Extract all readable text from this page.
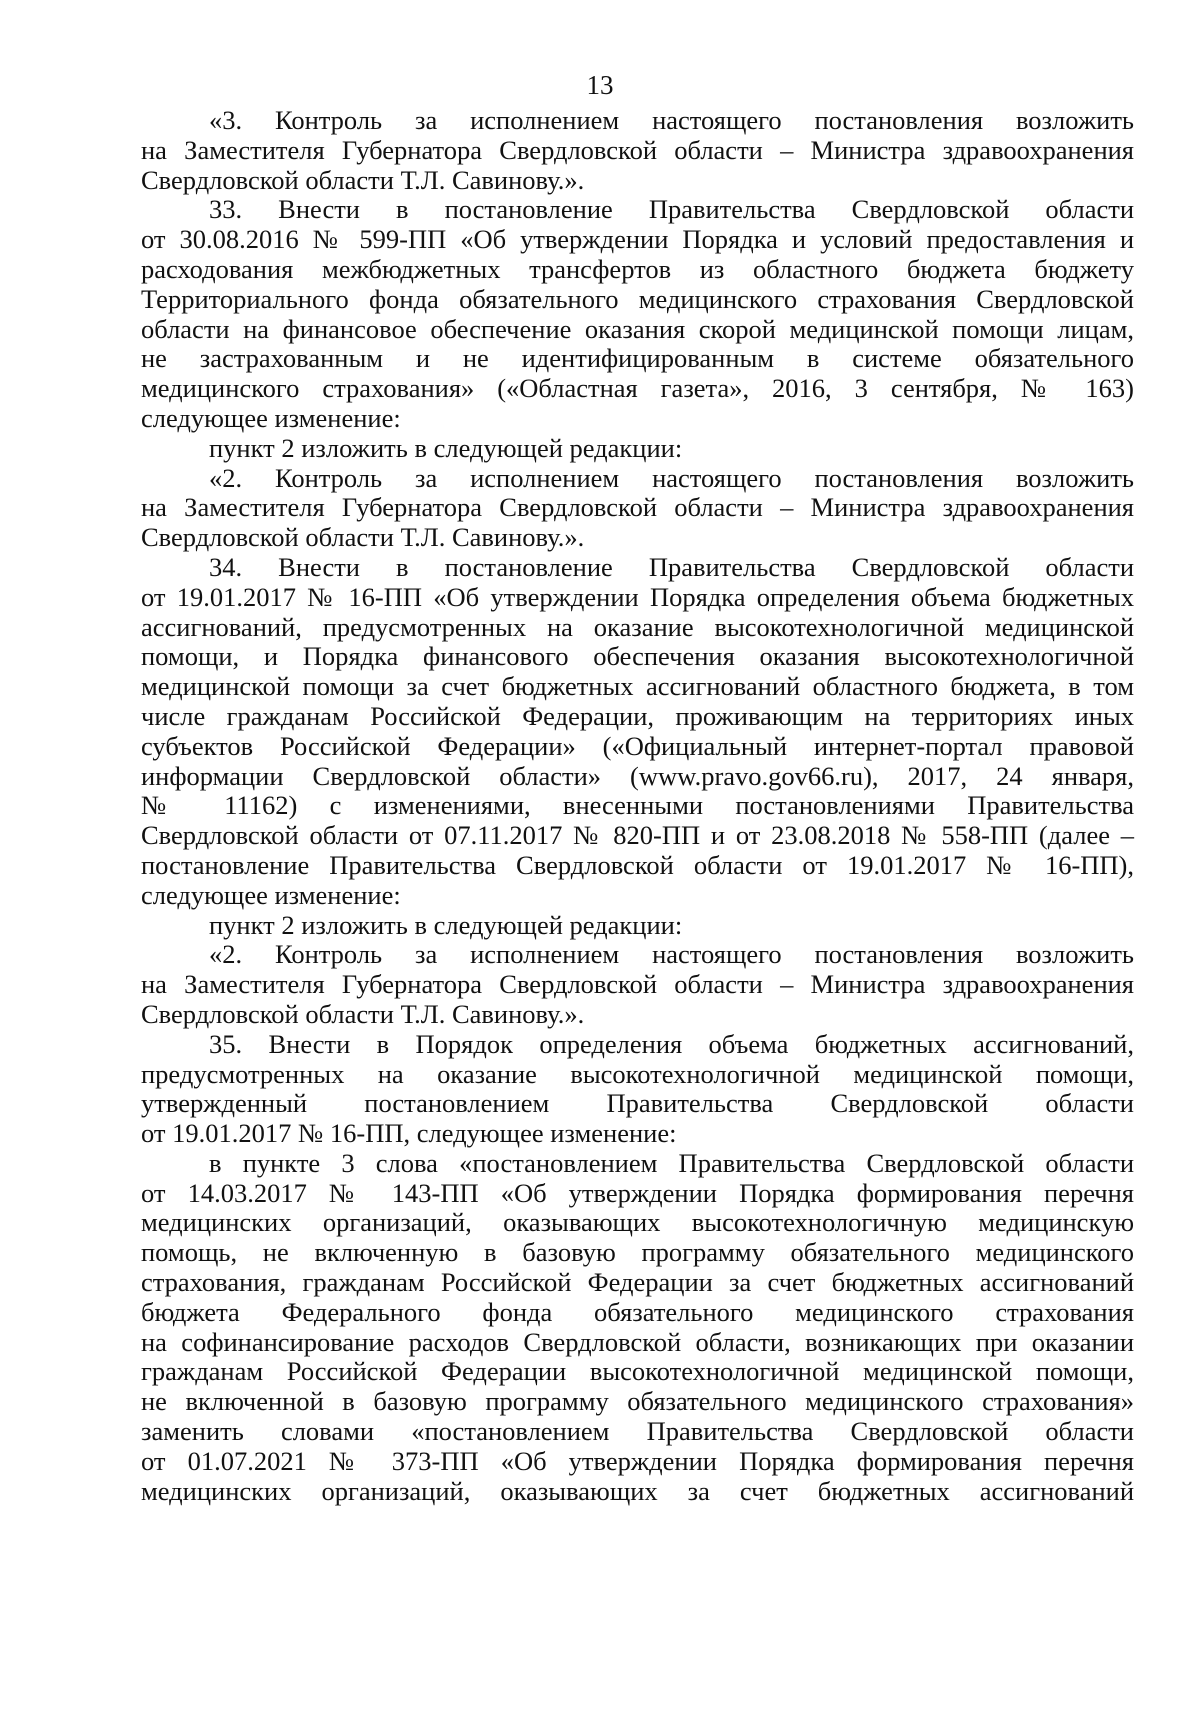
13
«3. Контроль за исполнением настоящего постановления возложить
на Заместителя Губернатора Свердловской области – Министра здравоохранения
Свердловской области Т.Л. Савинову.».
33. Внести в постановление Правительства Свердловской области
от 30.08.2016 № 599-ПП «Об утверждении Порядка и условий предоставления и
расходования межбюджетных трансфертов из областного бюджета бюджету
Территориального фонда обязательного медицинского страхования Свердловской
области на финансовое обеспечение оказания скорой медицинской помощи лицам,
не застрахованным и не идентифицированным в системе обязательного
медицинского страхования» («Областная газета», 2016, 3 сентября, № 163)
следующее изменение:
пункт 2 изложить в следующей редакции:
«2. Контроль за исполнением настоящего постановления возложить
на Заместителя Губернатора Свердловской области – Министра здравоохранения
Свердловской области Т.Л. Савинову.».
34. Внести в постановление Правительства Свердловской области
от 19.01.2017 № 16-ПП «Об утверждении Порядка определения объема бюджетных
ассигнований, предусмотренных на оказание высокотехнологичной медицинской
помощи, и Порядка финансового обеспечения оказания высокотехнологичной
медицинской помощи за счет бюджетных ассигнований областного бюджета, в том
числе гражданам Российской Федерации, проживающим на территориях иных
субъектов Российской Федерации» («Официальный интернет-портал правовой
информации Свердловской области» (www.pravo.gov66.ru), 2017, 24 января,
№ 11162) с изменениями, внесенными постановлениями Правительства
Свердловской области от 07.11.2017 № 820-ПП и от 23.08.2018 № 558-ПП (далее –
постановление Правительства Свердловской области от 19.01.2017 № 16-ПП),
следующее изменение:
пункт 2 изложить в следующей редакции:
«2. Контроль за исполнением настоящего постановления возложить
на Заместителя Губернатора Свердловской области – Министра здравоохранения
Свердловской области Т.Л. Савинову.».
35. Внести в Порядок определения объема бюджетных ассигнований,
предусмотренных на оказание высокотехнологичной медицинской помощи,
утвержденный постановлением Правительства Свердловской области
от 19.01.2017 № 16-ПП, следующее изменение:
в пункте 3 слова «постановлением Правительства Свердловской области
от 14.03.2017 № 143-ПП «Об утверждении Порядка формирования перечня
медицинских организаций, оказывающих высокотехнологичную медицинскую
помощь, не включенную в базовую программу обязательного медицинского
страхования, гражданам Российской Федерации за счет бюджетных ассигнований
бюджета Федерального фонда обязательного медицинского страхования
на софинансирование расходов Свердловской области, возникающих при оказании
гражданам Российской Федерации высокотехнологичной медицинской помощи,
не включенной в базовую программу обязательного медицинского страхования»
заменить словами «постановлением Правительства Свердловской области
от 01.07.2021 № 373-ПП «Об утверждении Порядка формирования перечня
медицинских организаций, оказывающих за счет бюджетных ассигнований
